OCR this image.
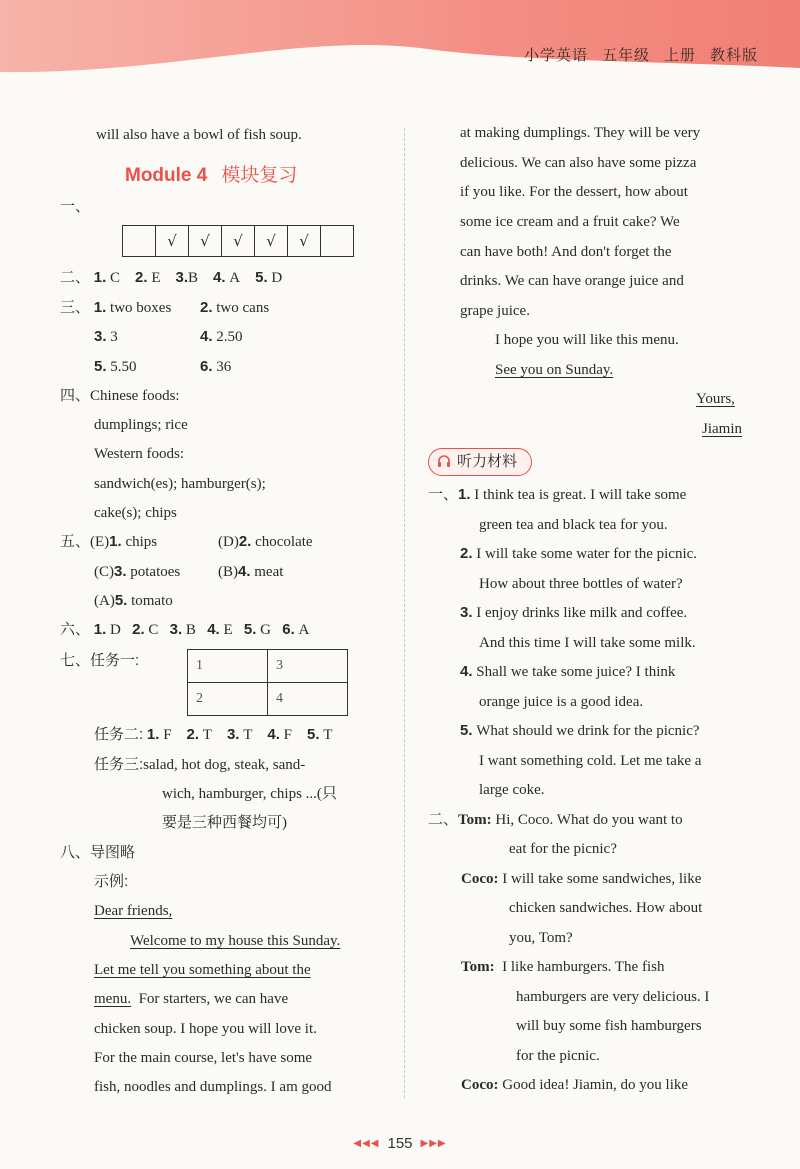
小学英语 五年级 上册 教科版
will also have a bowl of fish soup.
Module 4 模块复习
一、
	√	√	√	√	√	
二、 1. C 2. E 3.B 4. A 5. D
三、 1. two boxes 2. two cans
3. 3	4. 2.50
5. 5.50	6. 36
四、Chinese foods:
dumplings; rice
Western foods:
sandwich(es); hamburger(s);
cake(s); chips
五、(E)1. chips	(D)2. chocolate
(C)3. potatoes	(B)4. meat
(A)5. tomato
六、 1. D 2. C 3. B 4. E 5. G 6. A
七、任务一:	1	3
2	4
任务二: 1. F 2. T 3. T 4. F 5. T
任务三:salad, hot dog, steak, sand-
wich, hamburger, chips ...(只
要是三种西餐均可)
八、导图略
示例:
Dear friends,
Welcome to my house this Sunday.
Let me tell you something about the
menu. For starters, we can have
chicken soup. I hope you will love it.
For the main course, let's have some
fish, noodles and dumplings. I am good
at making dumplings. They will be very
delicious. We can also have some pizza
if you like. For the dessert, how about
some ice cream and a fruit cake? We
can have both! And don't forget the
drinks. We can have orange juice and
grape juice.
I hope you will like this menu.
See you on Sunday.
Yours,
Jiamin
听力材料
一、1. I think tea is great. I will take some
green tea and black tea for you.
2. I will take some water for the picnic.
How about three bottles of water?
3. I enjoy drinks like milk and coffee.
And this time I will take some milk.
4. Shall we take some juice? I think
orange juice is a good idea.
5. What should we drink for the picnic?
I want something cold. Let me take a
large coke.
二、Tom: Hi, Coco. What do you want to
eat for the picnic?
Coco: I will take some sandwiches, like
chicken sandwiches. How about
you, Tom?
Tom: I like hamburgers. The fish
hamburgers are very delicious. I
will buy some fish hamburgers
for the picnic.
Coco: Good idea! Jiamin, do you like
◀◀◀ 155 ▶▶▶
